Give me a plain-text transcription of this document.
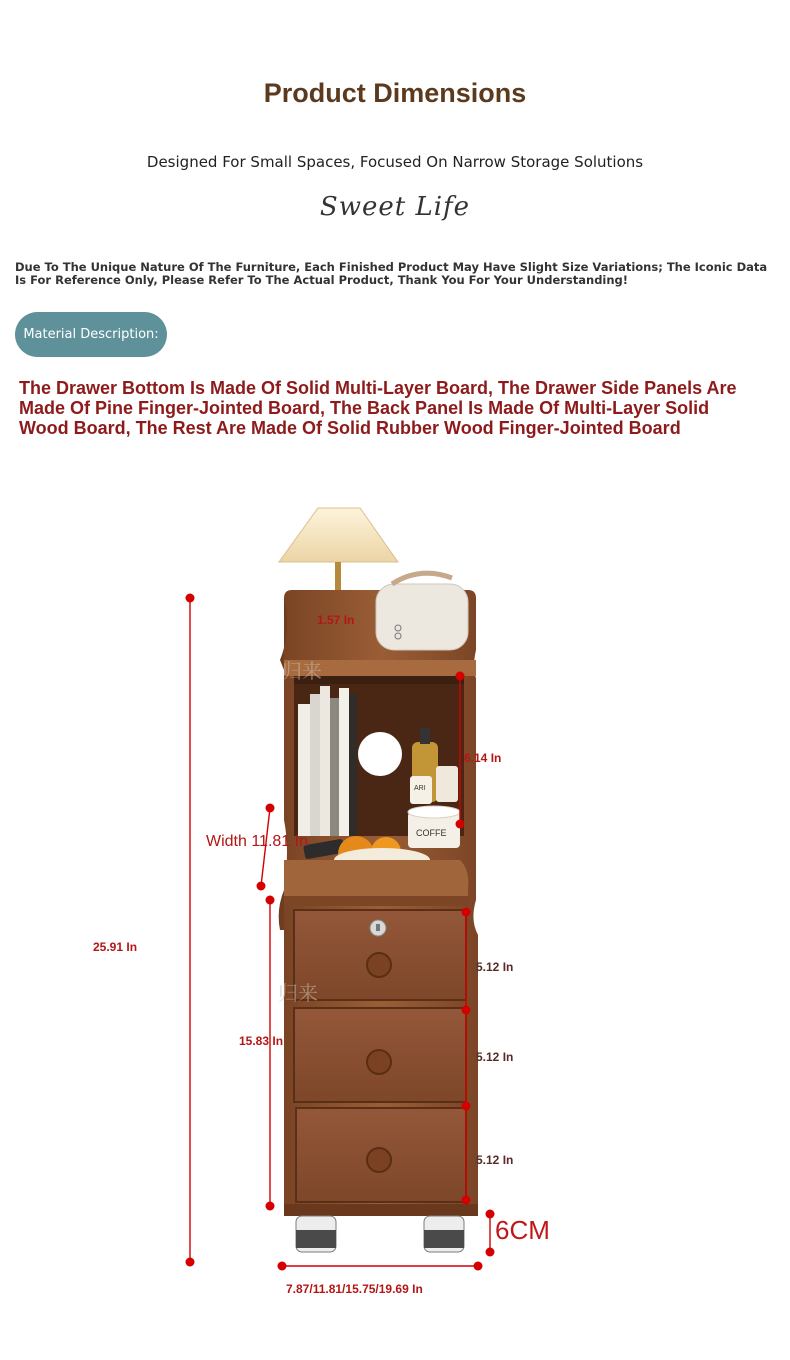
Product Dimensions
Designed For Small Spaces, Focused On Narrow Storage Solutions
Sweet Life
Due To The Unique Nature Of The Furniture, Each Finished Product May Have Slight Size Variations; The Iconic Data Is For Reference Only, Please Refer To The Actual Product, Thank You For Your Understanding!
Material Description:
The Drawer Bottom Is Made Of Solid Multi-Layer Board, The Drawer Side Panels Are Made Of Pine Finger-Jointed Board, The Back Panel Is Made Of Multi-Layer Solid Wood Board, The Rest Are Made Of Solid Rubber Wood Finger-Jointed Board
ARI
COFFE
归来
归来
1.57 In
6.14 In
Width 11.81 In
25.91 In
15.83 In
5.12 In
5.12 In
5.12 In
6CM
7.87/11.81/15.75/19.69 In
